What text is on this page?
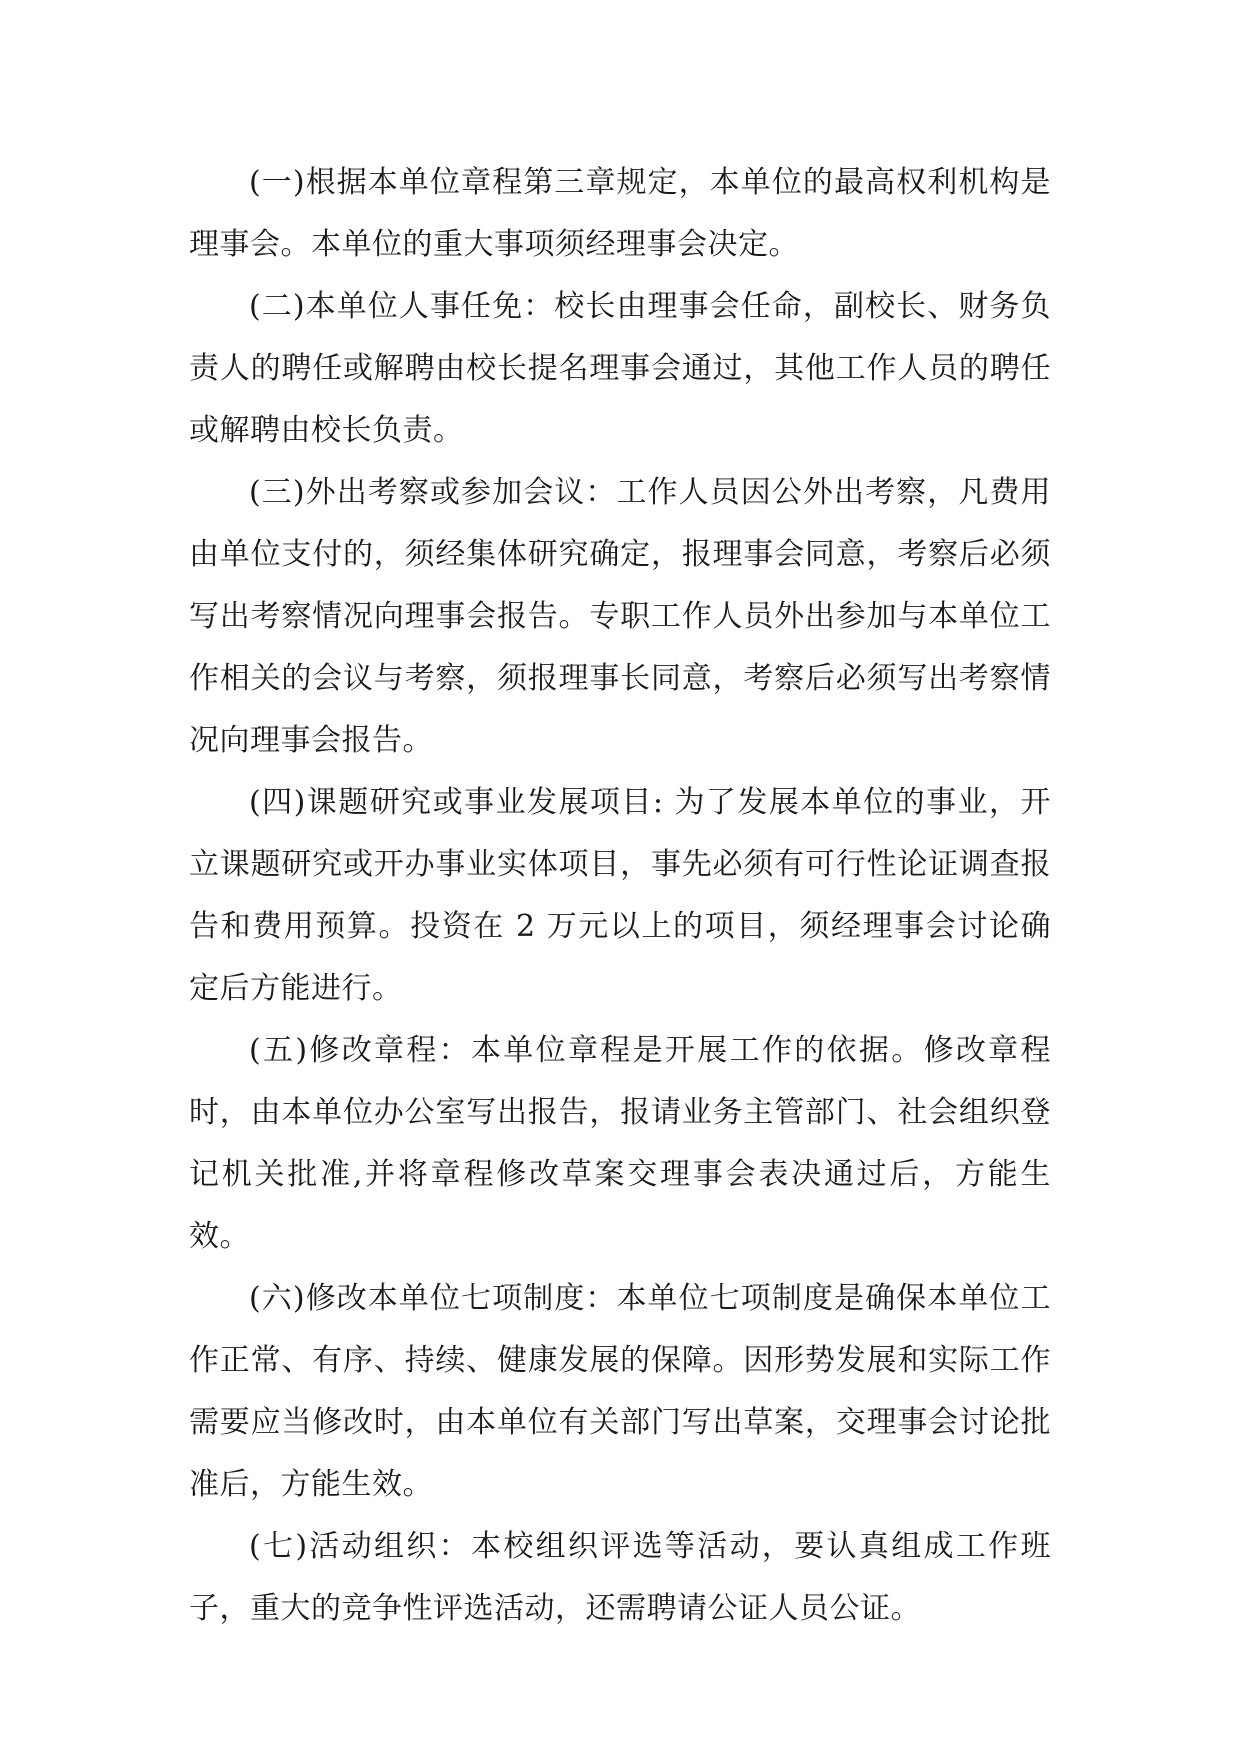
(一)根据本单位章程第三章规定，本单位的最高权利机构是理事会。本单位的重大事项须经理事会决定。

(二)本单位人事任免：校长由理事会任命，副校长、财务负责人的聘任或解聘由校长提名理事会通过，其他工作人员的聘任或解聘由校长负责。

(三)外出考察或参加会议：工作人员因公外出考察，凡费用由单位支付的，须经集体研究确定，报理事会同意，考察后必须写出考察情况向理事会报告。专职工作人员外出参加与本单位工作相关的会议与考察，须报理事长同意，考察后必须写出考察情况向理事会报告。

(四)课题研究或事业发展项目: 为了发展本单位的事业，开立课题研究或开办事业实体项目，事先必须有可行性论证调查报告和费用预算。投资在 2 万元以上的项目，须经理事会讨论确定后方能进行。

(五)修改章程：本单位章程是开展工作的依据。修改章程时，由本单位办公室写出报告，报请业务主管部门、社会组织登记机关批准,并将章程修改草案交理事会表决通过后，方能生效。

(六)修改本单位七项制度：本单位七项制度是确保本单位工作正常、有序、持续、健康发展的保障。因形势发展和实际工作需要应当修改时，由本单位有关部门写出草案，交理事会讨论批准后，方能生效。

(七)活动组织：本校组织评选等活动，要认真组成工作班子，重大的竞争性评选活动，还需聘请公证人员公证。
